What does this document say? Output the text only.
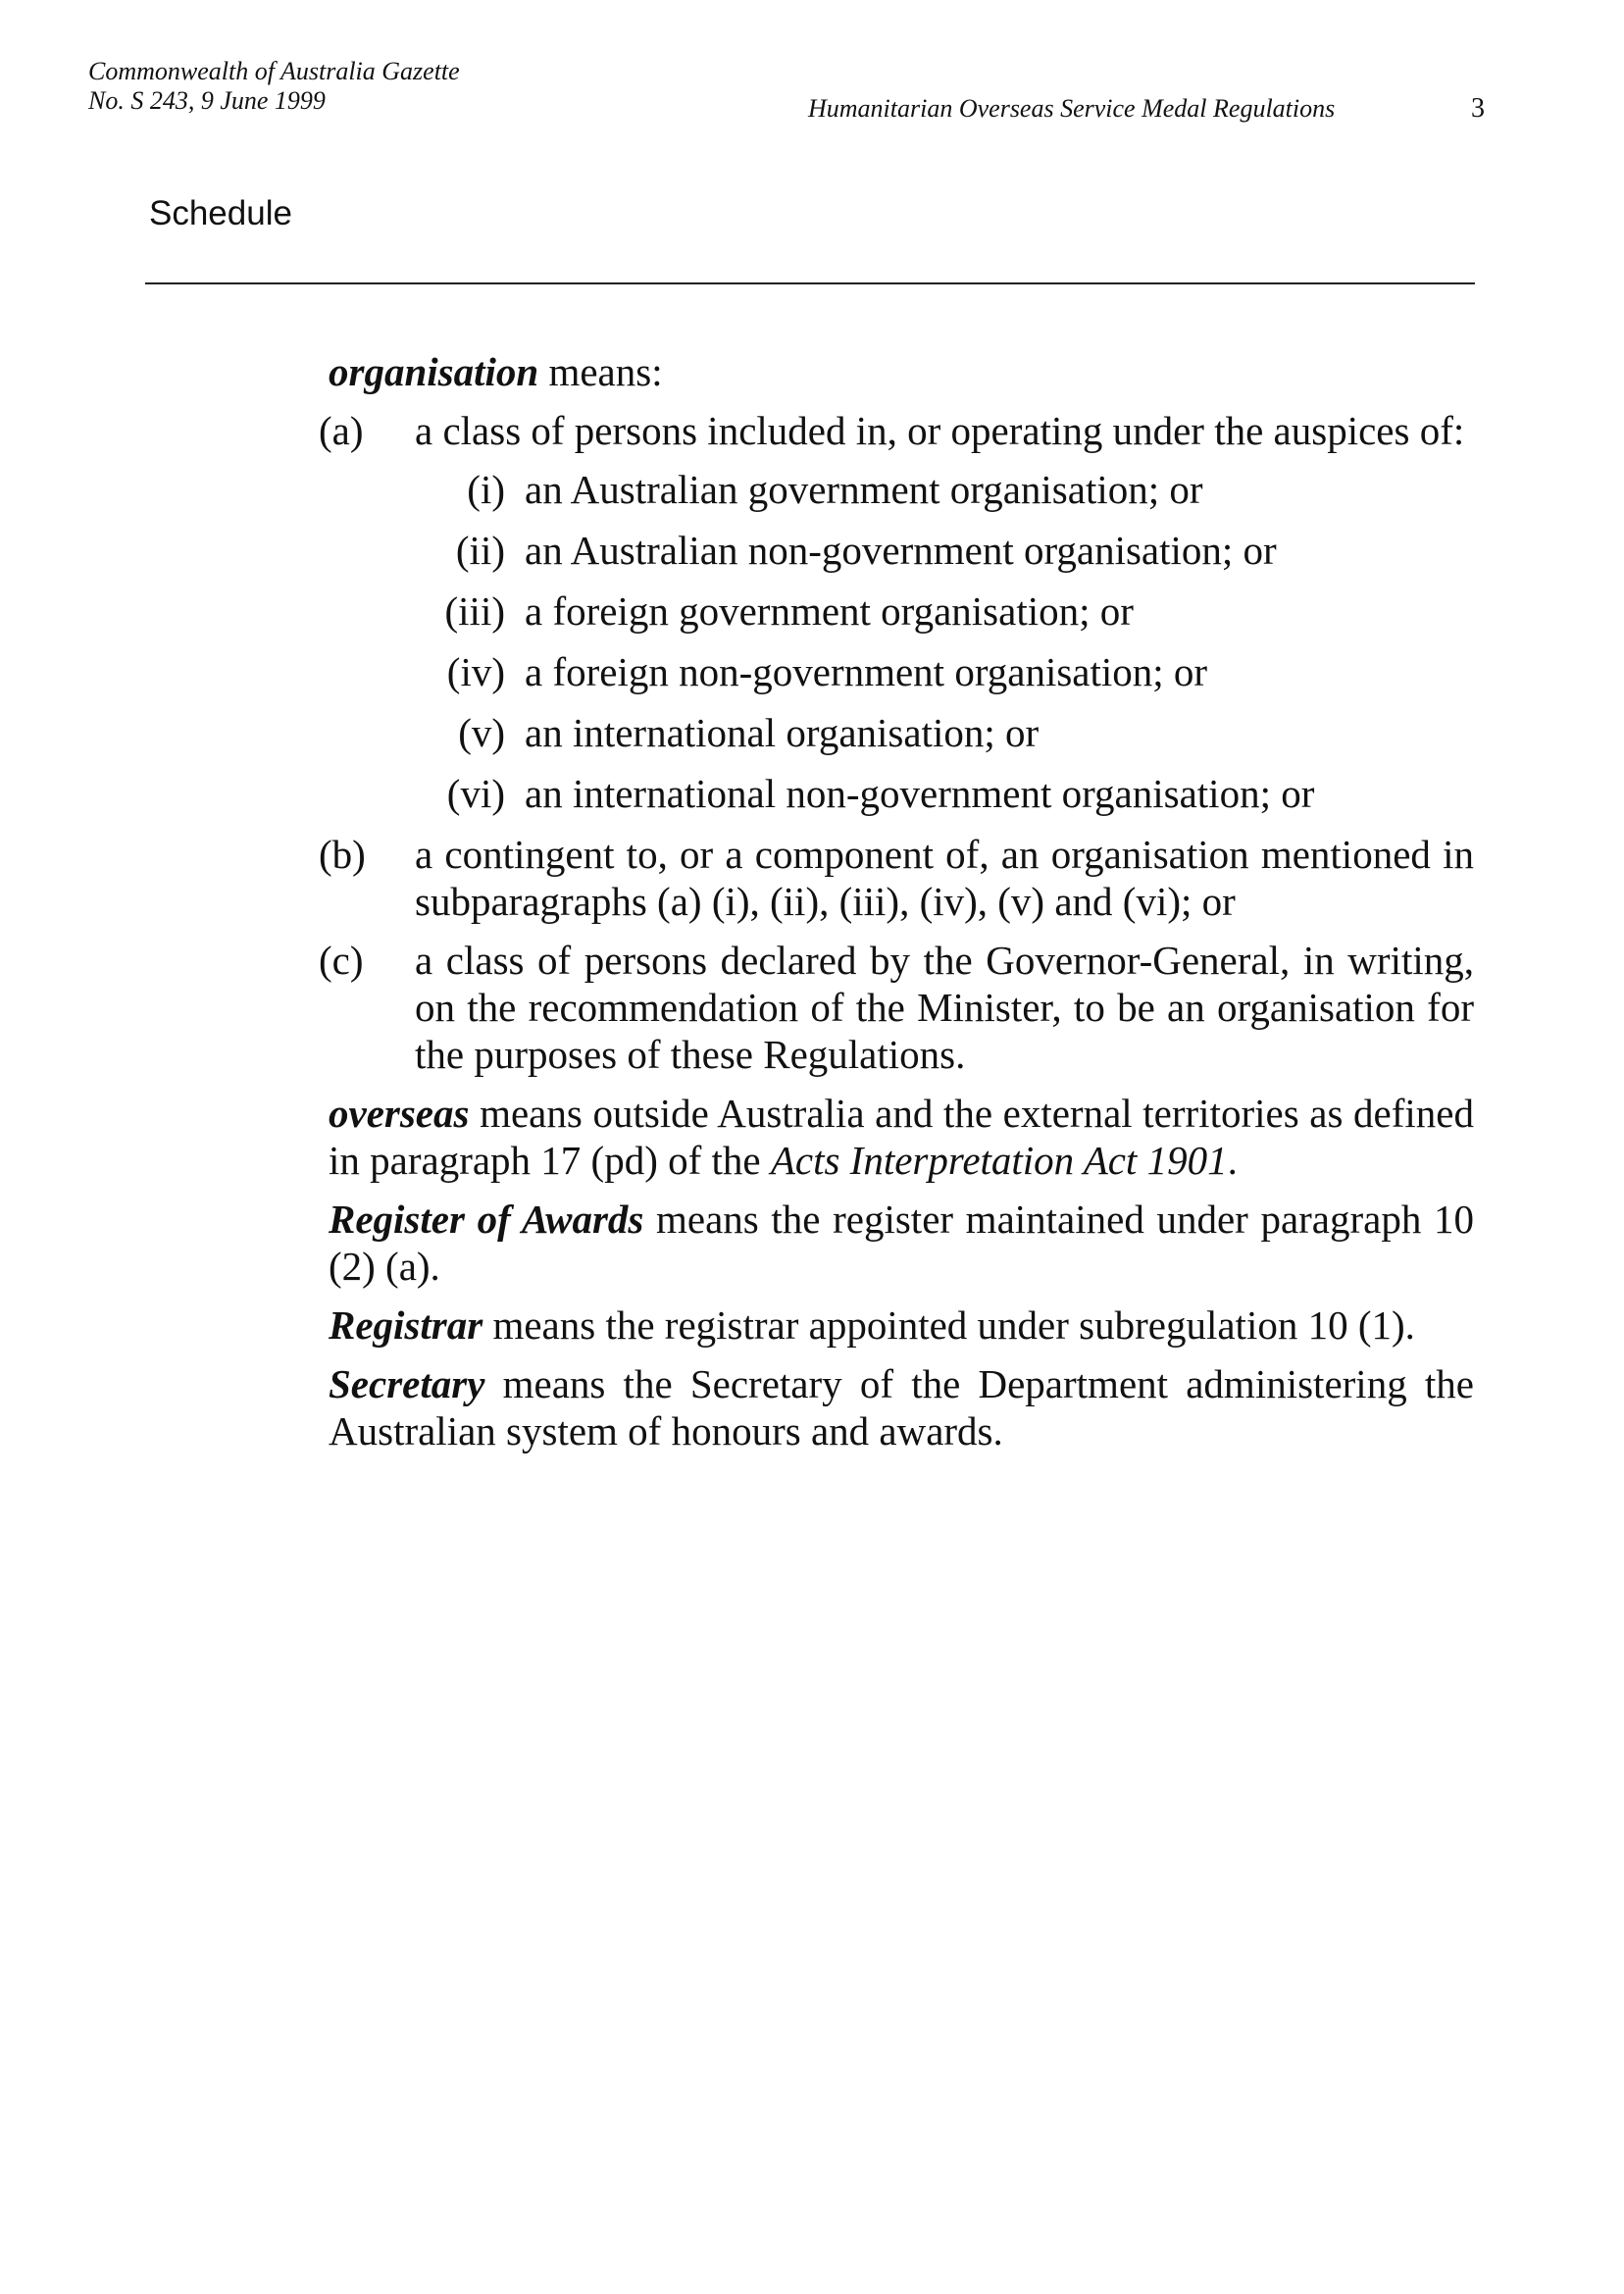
Commonwealth of Australia Gazette
No. S 243, 9 June 1999	Humanitarian Overseas Service Medal Regulations	3
Schedule

organisation means:

(a) a class of persons included in, or operating under the auspices of:

(i) an Australian government organisation; or

(ii) an Australian non-government organisation; or

(iii) a foreign government organisation; or

(iv) a foreign non-government organisation; or

(v) an international organisation; or

(vi) an international non-government organisation; or

(b) a contingent to, or a component of, an organisation mentioned in subparagraphs (a) (i), (ii), (iii), (iv), (v) and (vi); or
(c) a class of persons declared by the Governor-General, in writing, on the recommendation of the Minister, to be an organisation for the purposes of these Regulations.

overseas means outside Australia and the external territories as defined in paragraph 17 (pd) of the Acts Interpretation Act 1901.

Register of Awards means the register maintained under paragraph 10 (2) (a).

Registrar means the registrar appointed under subregulation 10 (1).

Secretary means the Secretary of the Department administering the Australian system of honours and awards.
